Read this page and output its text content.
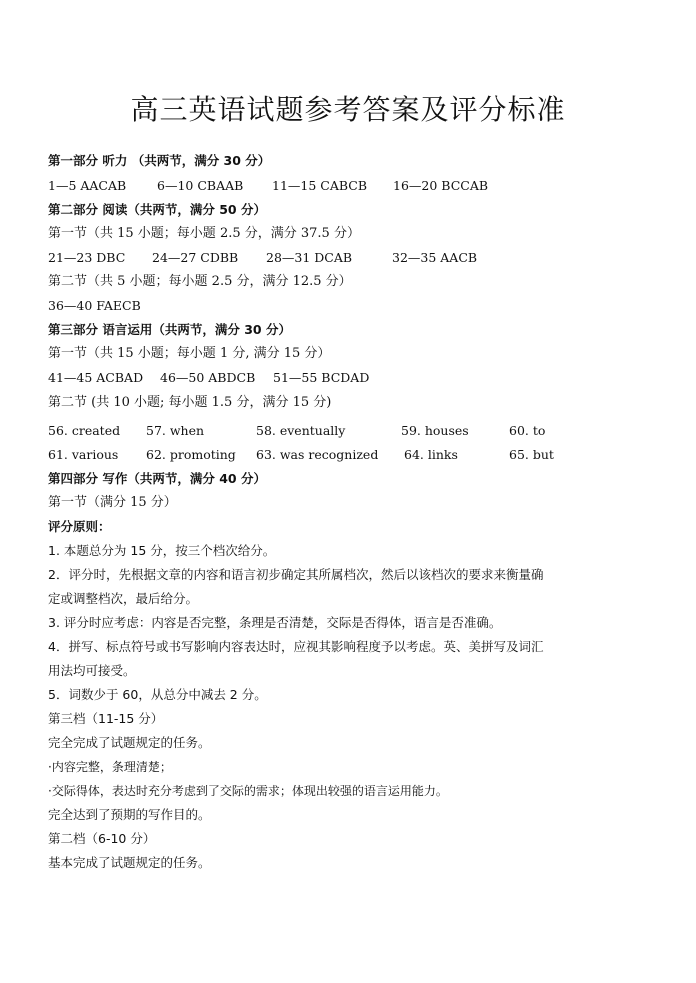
高三英语试题参考答案及评分标准
第一部分 听力 （共两节，满分 30 分）
1—5 AACAB 6—10 CBAAB 11—15 CABCB 16—20 BCCAB
第二部分 阅读（共两节，满分 50 分）
第一节（共 15 小题；每小题 2.5 分，满分 37.5 分）
21—23 DBC 24—27 CDBB 28—31 DCAB	32—35 AACB
第二节（共 5 小题；每小题 2.5 分，满分 12.5 分）
36—40 FAECB
第三部分 语言运用（共两节，满分 30 分）
第一节（共 15 小题；每小题 1 分, 满分 15 分）
41—45 ACBAD 46—50 ABDCB 51—55 BCDAD
第二节 (共 10 小题; 每小题 1.5 分，满分 15 分)
56. created 57. when	58. eventually	59. houses	60. to
61. various 62. promoting 63. was recognized 64. links	65. but
第四部分 写作（共两节，满分 40 分）
第一节（满分 15 分）
评分原则：
1. 本题总分为 15 分，按三个档次给分。
2．评分时，先根据文章的内容和语言初步确定其所属档次，然后以该档次的要求来衡量确
定或调整档次，最后给分。
3. 评分时应考虑：内容是否完整，条理是否清楚，交际是否得体，语言是否准确。
4．拼写、标点符号或书写影响内容表达时，应视其影响程度予以考虑。英、美拼写及词汇
用法均可接受。
5．词数少于 60，从总分中减去 2 分。
第三档（11-15 分）
完全完成了试题规定的任务。
·内容完整，条理清楚；
·交际得体，表达时充分考虑到了交际的需求；体现出较强的语言运用能力。
完全达到了预期的写作目的。
第二档（6-10 分）
基本完成了试题规定的任务。
